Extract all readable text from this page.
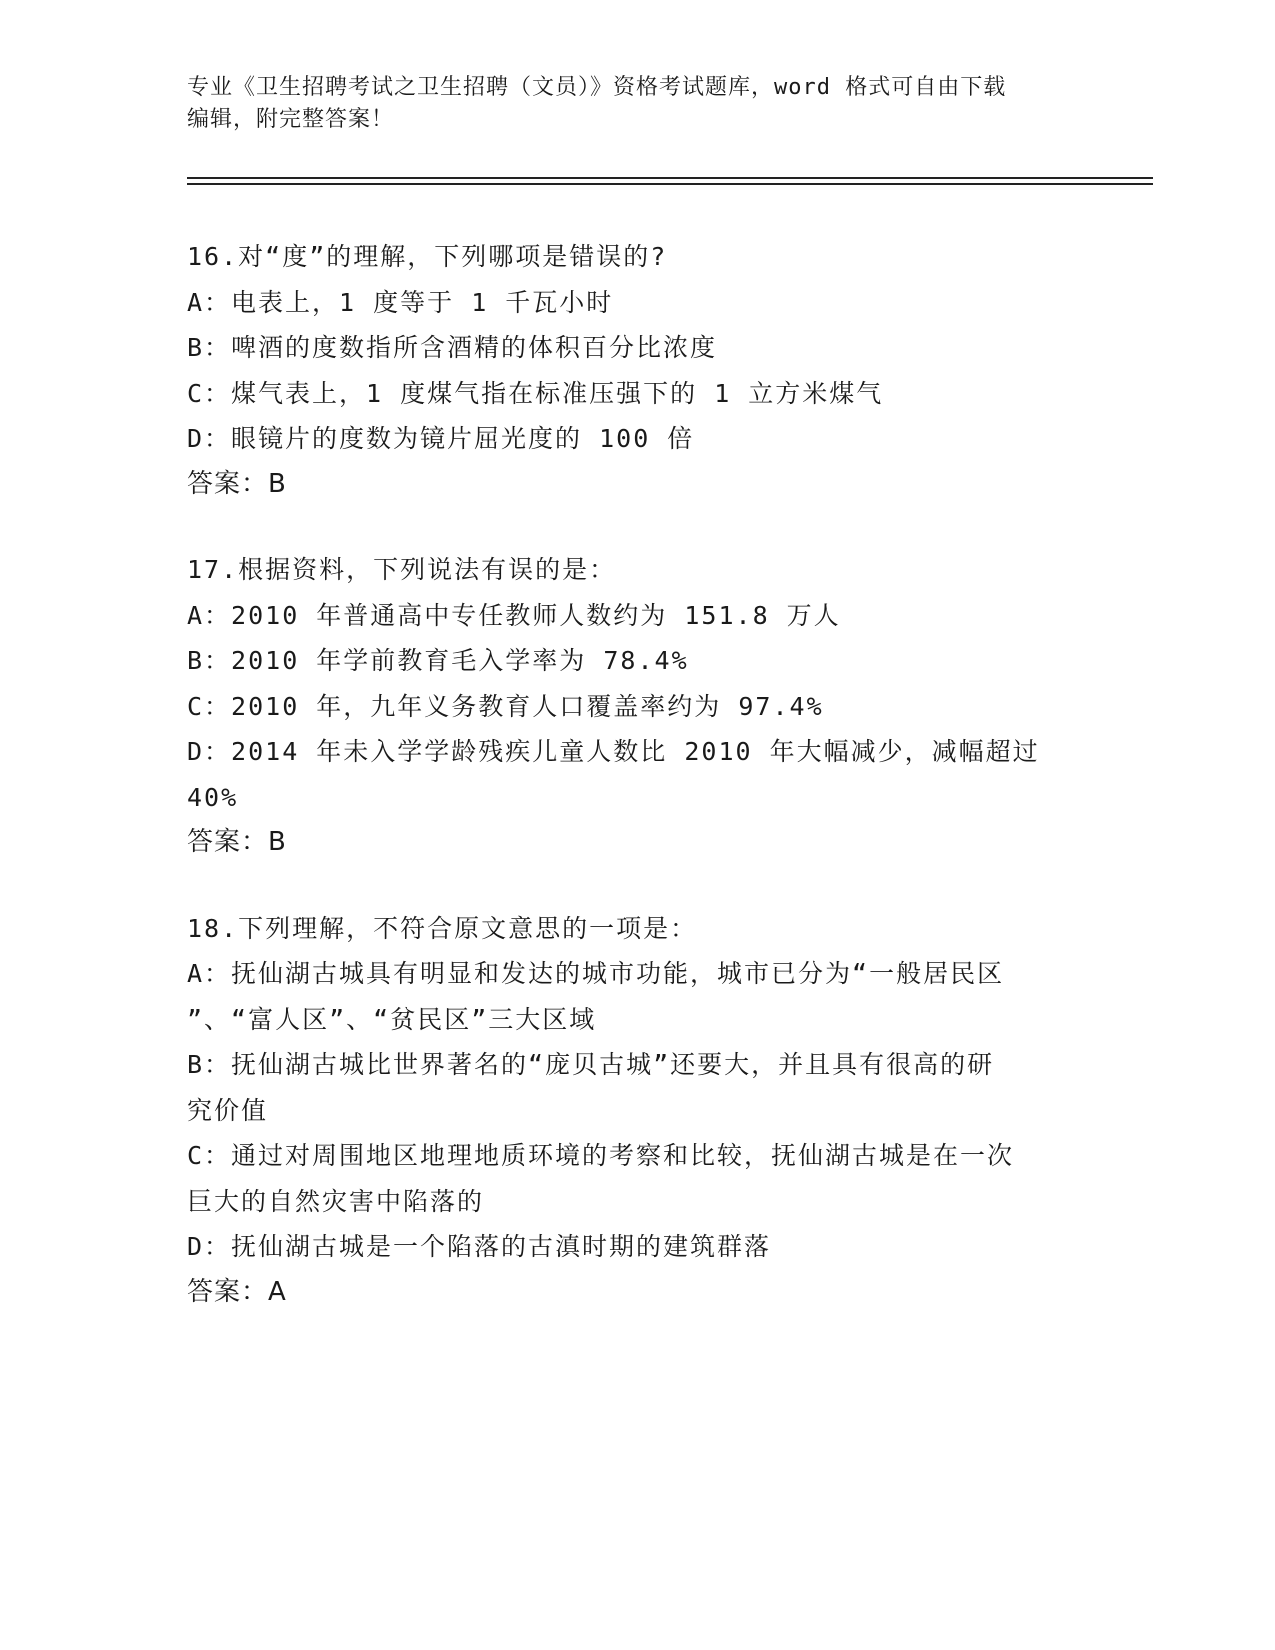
专业《卫生招聘考试之卫生招聘（文员）》资格考试题库，word 格式可自由下载
编辑，附完整答案！
16.对“度”的理解，下列哪项是错误的?
A：电表上，1 度等于 1 千瓦小时
B：啤酒的度数指所含酒精的体积百分比浓度
C：煤气表上，1 度煤气指在标准压强下的 1 立方米煤气
D：眼镜片的度数为镜片屈光度的 100 倍
答案：B
17.根据资料，下列说法有误的是：
A：2010 年普通高中专任教师人数约为 151.8 万人
B：2010 年学前教育毛入学率为 78.4%
C：2010 年，九年义务教育人口覆盖率约为 97.4%
D：2014 年未入学学龄残疾儿童人数比 2010 年大幅减少，减幅超过
40%
答案：B
18.下列理解，不符合原文意思的一项是：
A：抚仙湖古城具有明显和发达的城市功能，城市已分为“一般居民区
”、“富人区”、“贫民区”三大区域
B：抚仙湖古城比世界著名的“庞贝古城”还要大，并且具有很高的研
究价值
C：通过对周围地区地理地质环境的考察和比较，抚仙湖古城是在一次
巨大的自然灾害中陷落的
D：抚仙湖古城是一个陷落的古滇时期的建筑群落
答案：A
